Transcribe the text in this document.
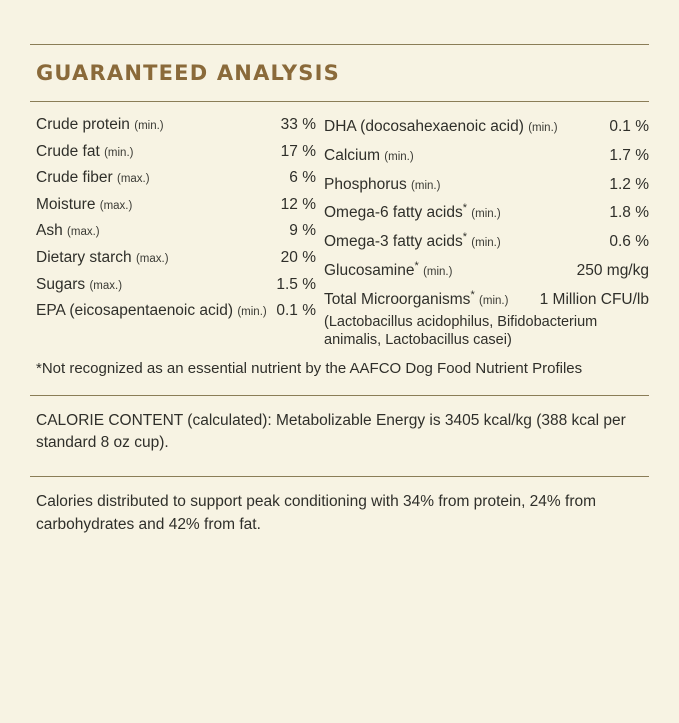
GUARANTEED ANALYSIS
Crude protein (min.)	33 %
Crude fat (min.)	17 %
Crude fiber (max.)	6 %
Moisture (max.)	12 %
Ash (max.)	9 %
Dietary starch (max.)	20 %
Sugars (max.)	1.5 %
EPA (eicosapentaenoic acid) (min.) 0.1 %
DHA (docosahexaenoic acid) (min.)	0.1 %
Calcium (min.)	1.7 %
Phosphorus (min.)	1.2 %
Omega-6 fatty acids* (min.)	1.8 %
Omega-3 fatty acids* (min.)	0.6 %
Glucosamine* (min.)	250 mg/kg
Total Microorganisms* (min.)	1 Million CFU/lb
(Lactobacillus acidophilus, Bifidobacterium
animalis, Lactobacillus casei)
*Not recognized as an essential nutrient by the AAFCO Dog Food Nutrient Profiles
CALORIE CONTENT (calculated): Metabolizable Energy is 3405 kcal/kg (388 kcal per standard 8 oz cup).
Calories distributed to support peak conditioning with 34% from protein, 24% from carbohydrates and 42% from fat.
